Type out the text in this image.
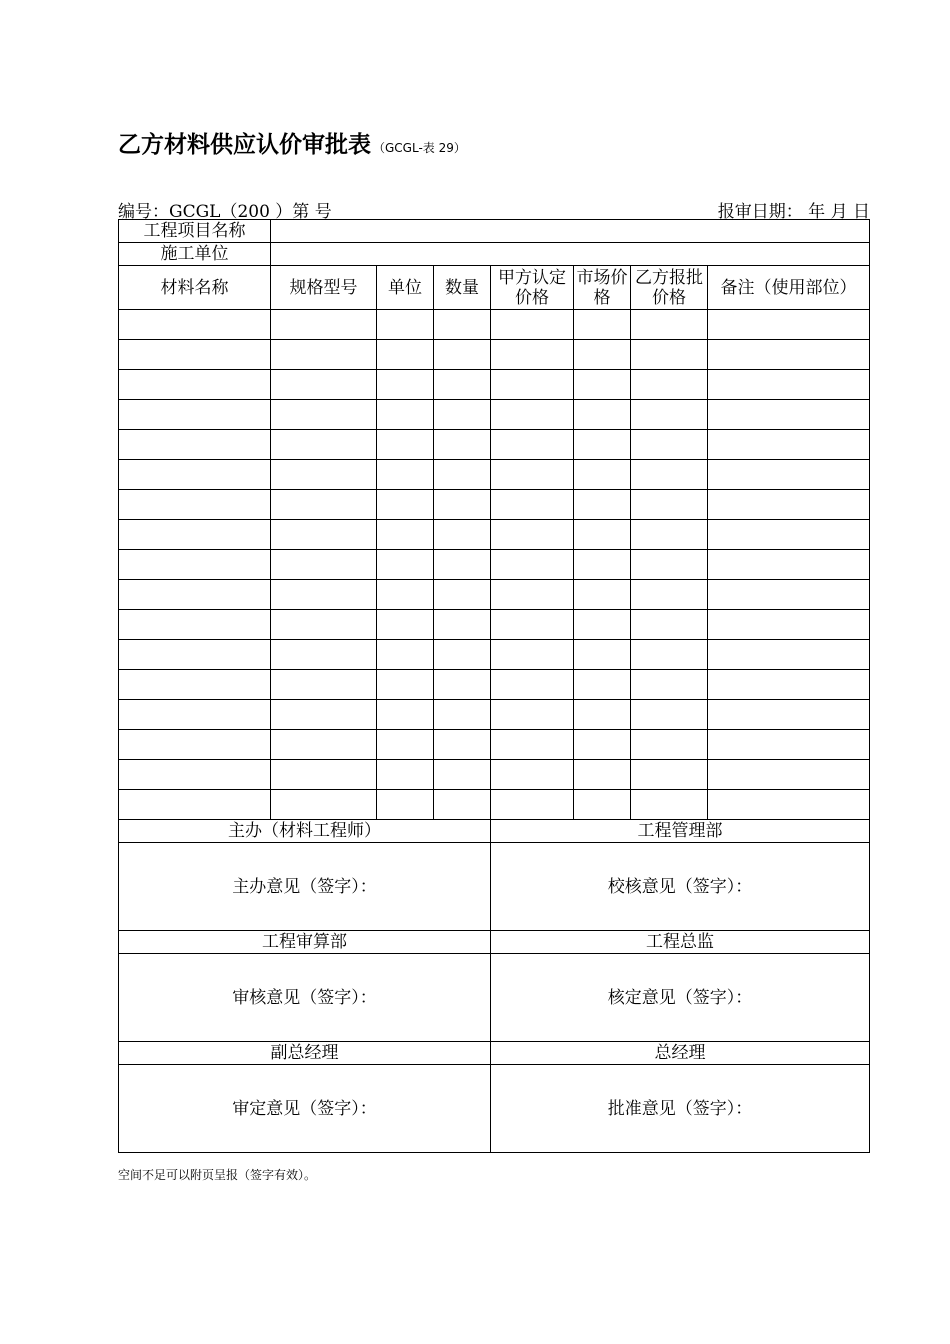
乙方材料供应认价审批表 （GCGL-表 29）
编号：GCGL（200 ）第 号	报审日期： 年 月 日
工程项目名称							
施工单位							
材料名称	规格型号	单位	数量	甲方认定价格	市场价格	乙方报批价格	备注（使用部位）

主办（材料工程师）				工程管理部			
主办意见（签字）：				校核意见（签字）：			
工程审算部				工程总监			
审核意见（签字）：				核定意见（签字）：			
副总经理				总经理			
审定意见（签字）：				批准意见（签字）：			
空间不足可以附页呈报（签字有效）。
